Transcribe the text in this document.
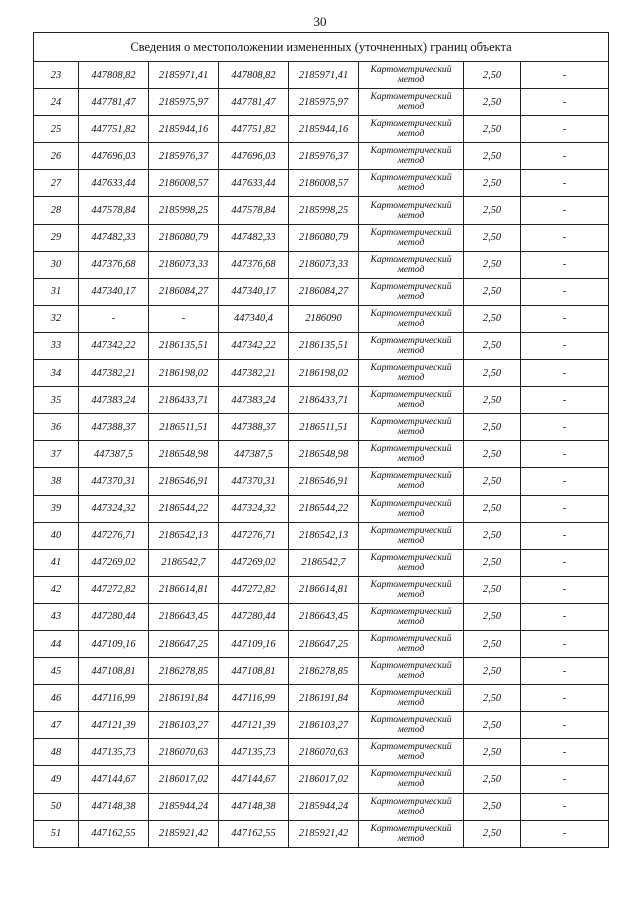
30
Сведения о местоположении измененных (уточненных) границ объекта							
23	447808,82	2185971,41	447808,82	2185971,41	Картометрический метод	2,50	-
24	447781,47	2185975,97	447781,47	2185975,97	Картометрический метод	2,50	-
25	447751,82	2185944,16	447751,82	2185944,16	Картометрический метод	2,50	-
26	447696,03	2185976,37	447696,03	2185976,37	Картометрический метод	2,50	-
27	447633,44	2186008,57	447633,44	2186008,57	Картометрический метод	2,50	-
28	447578,84	2185998,25	447578,84	2185998,25	Картометрический метод	2,50	-
29	447482,33	2186080,79	447482,33	2186080,79	Картометрический метод	2,50	-
30	447376,68	2186073,33	447376,68	2186073,33	Картометрический метод	2,50	-
31	447340,17	2186084,27	447340,17	2186084,27	Картометрический метод	2,50	-
32	-	-	447340,4	2186090	Картометрический метод	2,50	-
33	447342,22	2186135,51	447342,22	2186135,51	Картометрический метод	2,50	-
34	447382,21	2186198,02	447382,21	2186198,02	Картометрический метод	2,50	-
35	447383,24	2186433,71	447383,24	2186433,71	Картометрический метод	2,50	-
36	447388,37	2186511,51	447388,37	2186511,51	Картометрический метод	2,50	-
37	447387,5	2186548,98	447387,5	2186548,98	Картометрический метод	2,50	-
38	447370,31	2186546,91	447370,31	2186546,91	Картометрический метод	2,50	-
39	447324,32	2186544,22	447324,32	2186544,22	Картометрический метод	2,50	-
40	447276,71	2186542,13	447276,71	2186542,13	Картометрический метод	2,50	-
41	447269,02	2186542,7	447269,02	2186542,7	Картометрический метод	2,50	-
42	447272,82	2186614,81	447272,82	2186614,81	Картометрический метод	2,50	-
43	447280,44	2186643,45	447280,44	2186643,45	Картометрический метод	2,50	-
44	447109,16	2186647,25	447109,16	2186647,25	Картометрический метод	2,50	-
45	447108,81	2186278,85	447108,81	2186278,85	Картометрический метод	2,50	-
46	447116,99	2186191,84	447116,99	2186191,84	Картометрический метод	2,50	-
47	447121,39	2186103,27	447121,39	2186103,27	Картометрический метод	2,50	-
48	447135,73	2186070,63	447135,73	2186070,63	Картометрический метод	2,50	-
49	447144,67	2186017,02	447144,67	2186017,02	Картометрический метод	2,50	-
50	447148,38	2185944,24	447148,38	2185944,24	Картометрический метод	2,50	-
51	447162,55	2185921,42	447162,55	2185921,42	Картометрический метод	2,50	-
